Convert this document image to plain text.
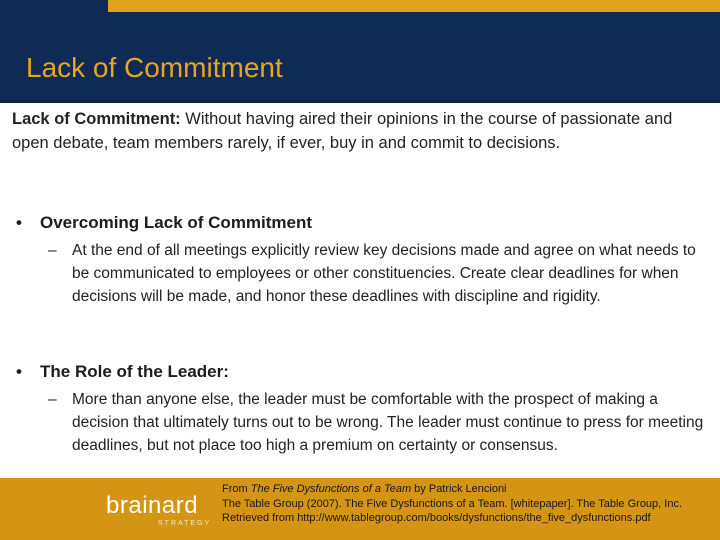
Lack of Commitment

Lack of Commitment: Without having aired their opinions in the course of passionate and open debate, team members rarely, if ever, buy in and commit to decisions.

• Overcoming Lack of Commitment
– At the end of all meetings explicitly review key decisions made and agree on what needs to be communicated to employees or other constituencies. Create clear deadlines for when decisions will be made, and honor these deadlines with discipline and rigidity.
• The Role of the Leader:
– More than anyone else, the leader must be comfortable with the prospect of making a decision that ultimately turns out to be wrong. The leader must continue to press for meeting deadlines, but not place too high a premium on certainty or consensus.
brainard
STRATEGY
From The Five Dysfunctions of a Team by Patrick Lencioni
The Table Group (2007). The Five Dysfunctions of a Team. [whitepaper]. The Table Group, Inc. Retrieved from http://www.tablegroup.com/books/dysfunctions/the_five_dysfunctions.pdf
